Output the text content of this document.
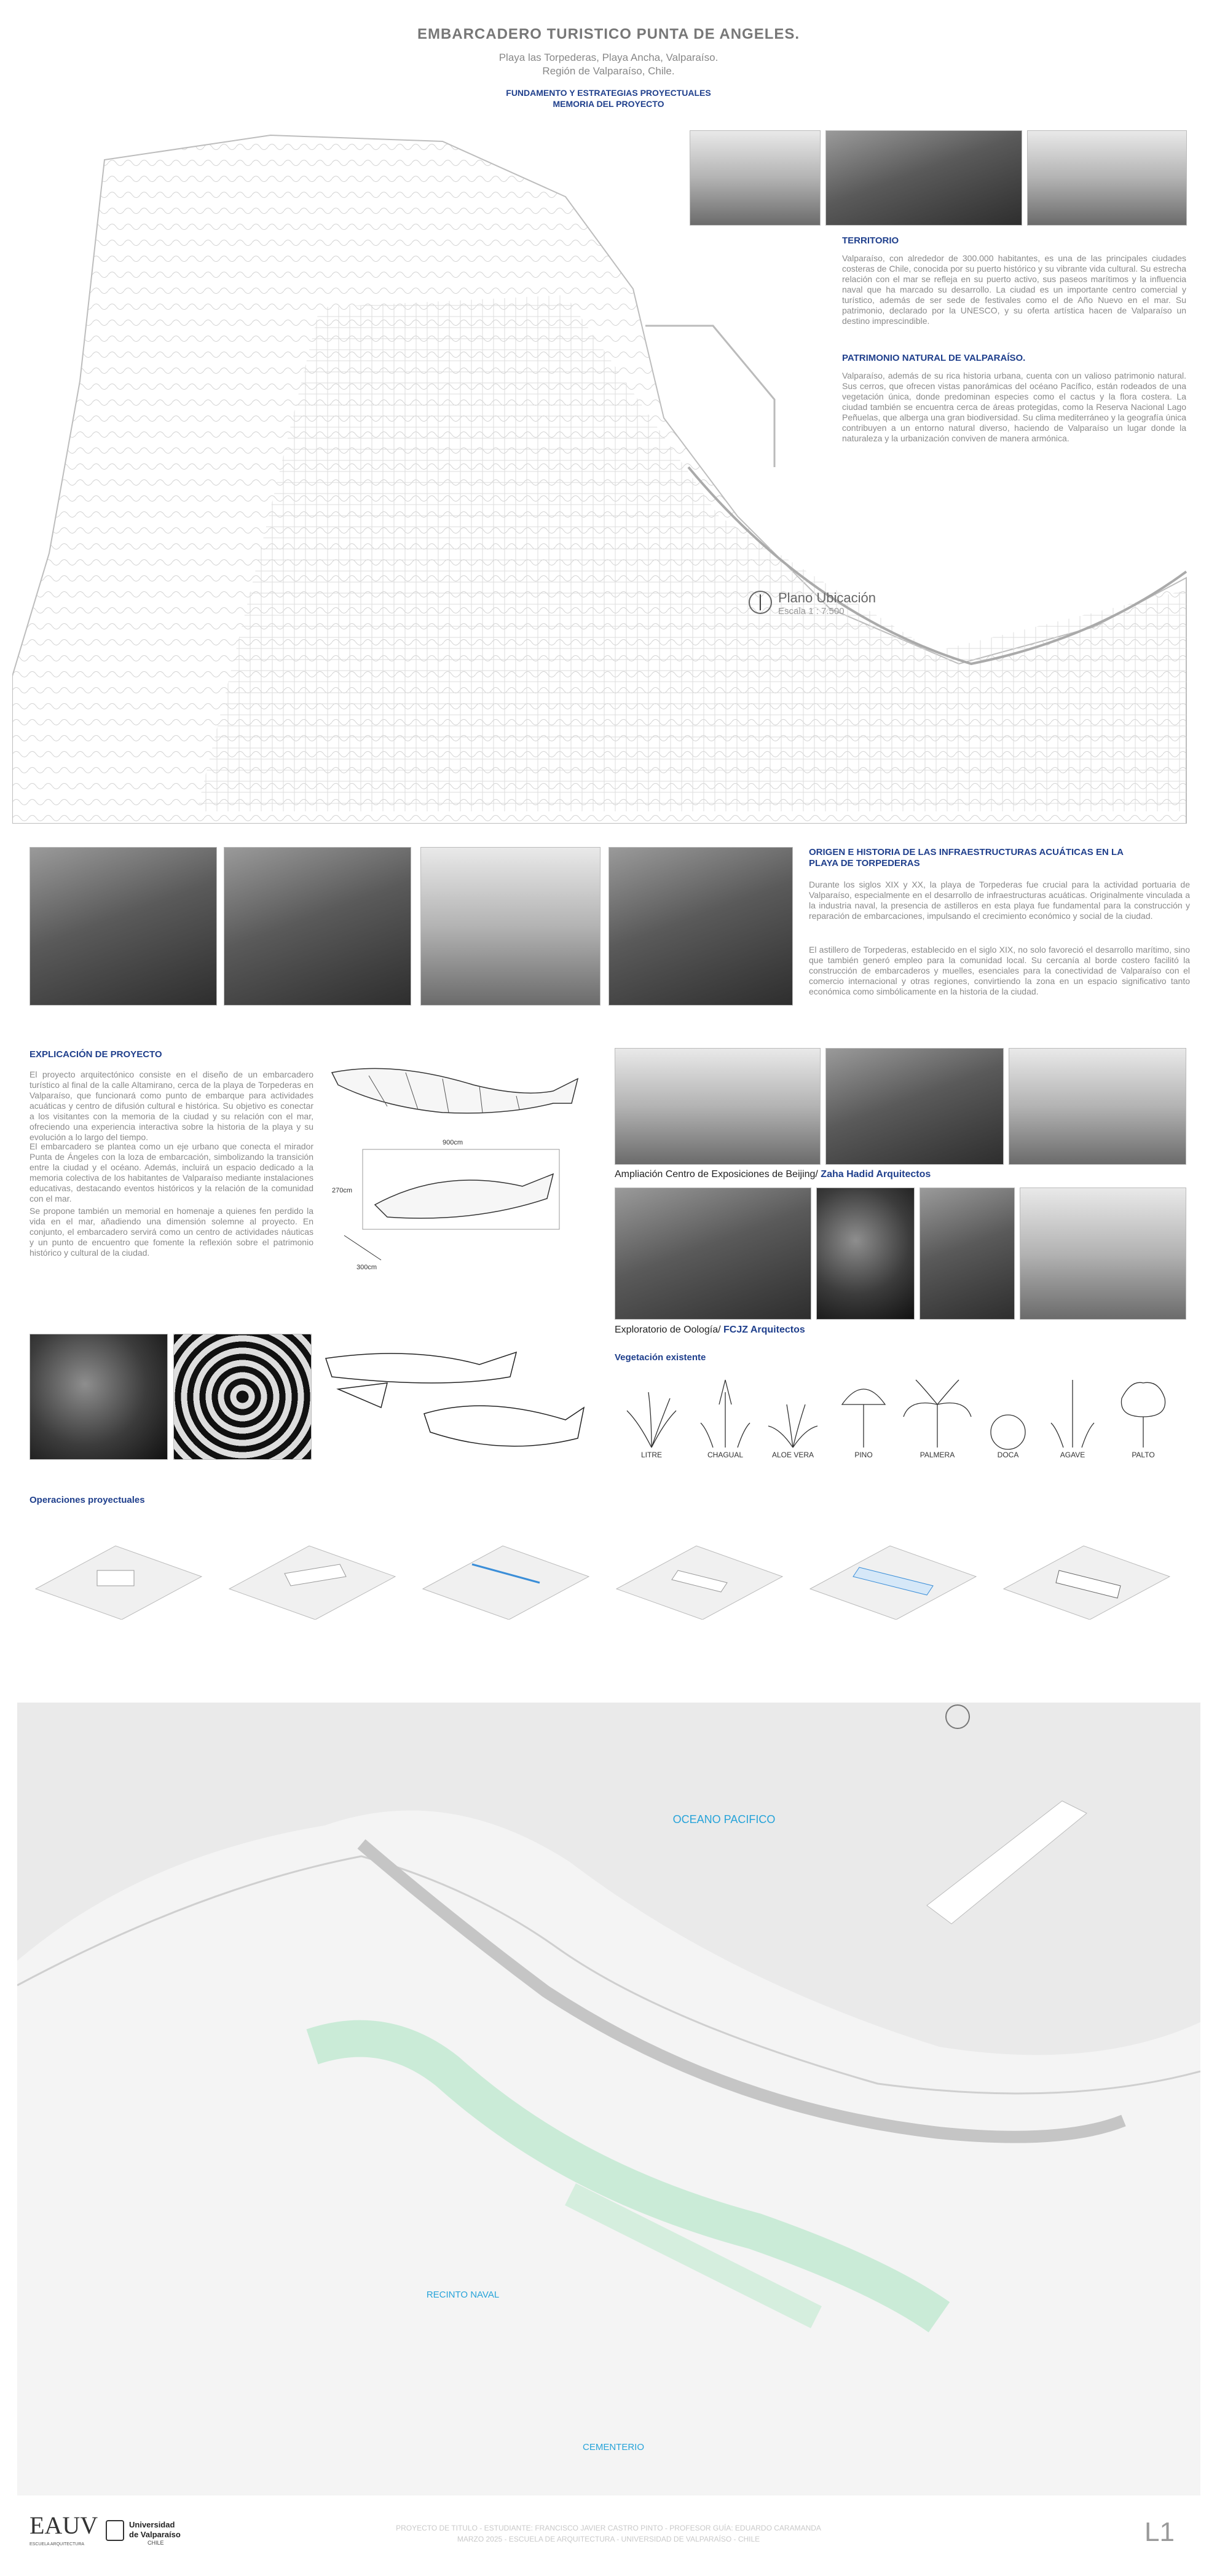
EMBARCADERO TURISTICO PUNTA DE ANGELES.
Playa las Torpederas, Playa Ancha, Valparaíso.
Región de Valparaíso, Chile.
FUNDAMENTO Y ESTRATEGIAS PROYECTUALES
MEMORIA DEL PROYECTO
TERRITORIO
Valparaíso, con alrededor de 300.000 habitantes, es una de las principales ciudades costeras de Chile, conocida por su puerto histórico y su vibrante vida cultural. Su estrecha relación con el mar se refleja en su puerto activo, sus paseos marítimos y la influencia naval que ha marcado su desarrollo. La ciudad es un importante centro comercial y turístico, además de ser sede de festivales como el de Año Nuevo en el mar. Su patrimonio, declarado por la UNESCO, y su oferta artística hacen de Valparaíso un destino imprescindible.
PATRIMONIO NATURAL DE VALPARAÍSO.
Valparaíso, además de su rica historia urbana, cuenta con un valioso patrimonio natural. Sus cerros, que ofrecen vistas panorámicas del océano Pacífico, están rodeados de una vegetación única, donde predominan especies como el cactus y la flora costera. La ciudad también se encuentra cerca de áreas protegidas, como la Reserva Nacional Lago Peñuelas, que alberga una gran biodiversidad. Su clima mediterráneo y la geografía única contribuyen a un entorno natural diverso, haciendo de Valparaíso un lugar donde la naturaleza y la urbanización conviven de manera armónica.
Plano Ubicación
Escala 1 : 7.500
ORIGEN E HISTORIA DE LAS INFRAESTRUCTURAS ACUÁTICAS EN LA
PLAYA DE TORPEDERAS
Durante los siglos XIX y XX, la playa de Torpederas fue crucial para la actividad portuaria de Valparaíso, especialmente en el desarrollo de infraestructuras acuáticas. Originalmente vinculada a la industria naval, la presencia de astilleros en esta playa fue fundamental para la construcción y reparación de embarcaciones, impulsando el crecimiento económico y social de la ciudad.
El astillero de Torpederas, establecido en el siglo XIX, no solo favoreció el desarrollo marítimo, sino que también generó empleo para la comunidad local. Su cercanía al borde costero facilitó la construcción de embarcaderos y muelles, esenciales para la conectividad de Valparaíso con el comercio internacional y otras regiones, convirtiendo la zona en un espacio significativo tanto económica como simbólicamente en la historia de la ciudad.
EXPLICACIÓN DE PROYECTO
El proyecto arquitectónico consiste en el diseño de un embarcadero turístico al final de la calle Altamirano, cerca de la playa de Torpederas en Valparaíso, que funcionará como punto de embarque para actividades acuáticas y centro de difusión cultural e histórica. Su objetivo es conectar a los visitantes con la memoria de la ciudad y su relación con el mar, ofreciendo una experiencia interactiva sobre la historia de la playa y su evolución a lo largo del tiempo.
El embarcadero se plantea como un eje urbano que conecta el mirador Punta de Ángeles con la loza de embarcación, simbolizando la transición entre la ciudad y el océano. Además, incluirá un espacio dedicado a la memoria colectiva de los habitantes de Valparaíso mediante instalaciones educativas, destacando eventos históricos y la relación de la comunidad con el mar.
Se propone también un memorial en homenaje a quienes fen perdido la vida en el mar, añadiendo una dimensión solemne al proyecto. En conjunto, el embarcadero servirá como un centro de actividades náuticas y un punto de encuentro que fomente la reflexión sobre el patrimonio histórico y cultural de la ciudad.
900cm
270cm
300cm
Ampliación Centro de Exposiciones de Beijing/ Zaha Hadid Arquitectos
Exploratorio de Oología/ FCJZ Arquitectos
Vegetación existente
LITRE	CHAGUAL	ALOE VERA	PINO	PALMERA	DOCA	AGAVE	PALTO
Operaciones proyectuales
OCEANO PACIFICO
RECINTO NAVAL
CEMENTERIO
EAUV
ESCUELA ARQUITECTURA
Universidad
de Valparaíso
CHILE
PROYECTO DE TITULO - ESTUDIANTE: FRANCISCO JAVIER CASTRO PINTO - PROFESOR GUÍA: EDUARDO CARAMANDA
MARZO 2025 - ESCUELA DE ARQUITECTURA - UNIVERSIDAD DE VALPARAÍSO - CHILE	L1
